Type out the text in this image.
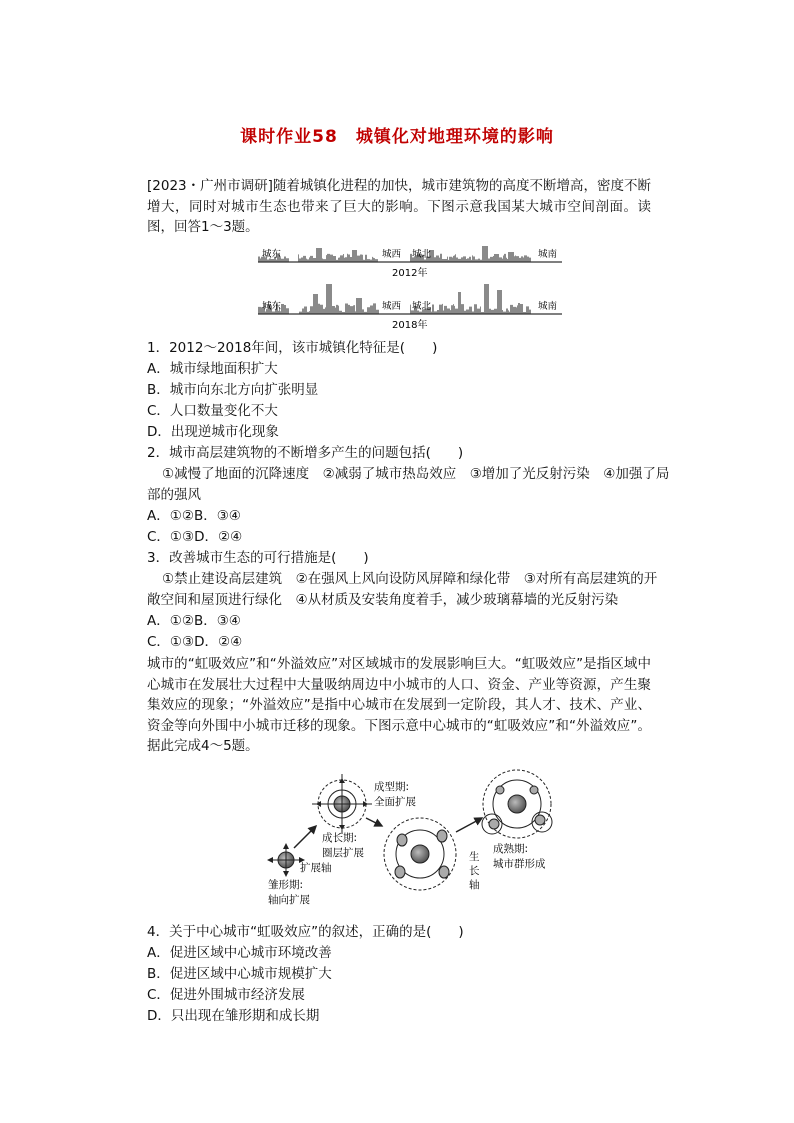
课时作业58　城镇化对地理环境的影响
[2023・广州市调研]随着城镇化进程的加快，城市建筑物的高度不断增高，密度不断增大，同时对城市生态也带来了巨大的影响。下图示意我国某大城市空间剖面。读图，回答1～3题。
城东	城西 城北	城南
2012年
城东	城西 城北	城南
2018年
1．2012～2018年间，该市城镇化特征是(　　)
A．城市绿地面积扩大
B．城市向东北方向扩张明显
C．人口数量变化不大
D．出现逆城市化现象
2．城市高层建筑物的不断增多产生的问题包括(　　)
①减慢了地面的沉降速度　②减弱了城市热岛效应　③增加了光反射污染　④加强了局
部的强风
A．①②B．③④
C．①③D．②④
3．改善城市生态的可行措施是(　　)
①禁止建设高层建筑　②在强风上风向设防风屏障和绿化带　③对所有高层建筑的开
敞空间和屋顶进行绿化　④从材质及安装角度着手，减少玻璃幕墙的光反射污染
A．①②B．③④
C．①③D．②④
城市的“虹吸效应”和“外溢效应”对区域城市的发展影响巨大。“虹吸效应”是指区域中心城市在发展壮大过程中大量吸纳周边中小城市的人口、资金、产业等资源，产生聚集效应的现象；“外溢效应”是指中心城市在发展到一定阶段，其人才、技术、产业、资金等向外围中小城市迁移的现象。下图示意中心城市的“虹吸效应”和“外溢效应”。据此完成4～5题。
雏形期:
轴向扩展
成长期:
圈层扩展
扩展轴
成型期:
全面扩展
生
长
轴
成熟期:
城市群形成
4．关于中心城市“虹吸效应”的叙述，正确的是(　　)
A．促进区域中心城市环境改善
B．促进区域中心城市规模扩大
C．促进外围城市经济发展
D．只出现在雏形期和成长期
